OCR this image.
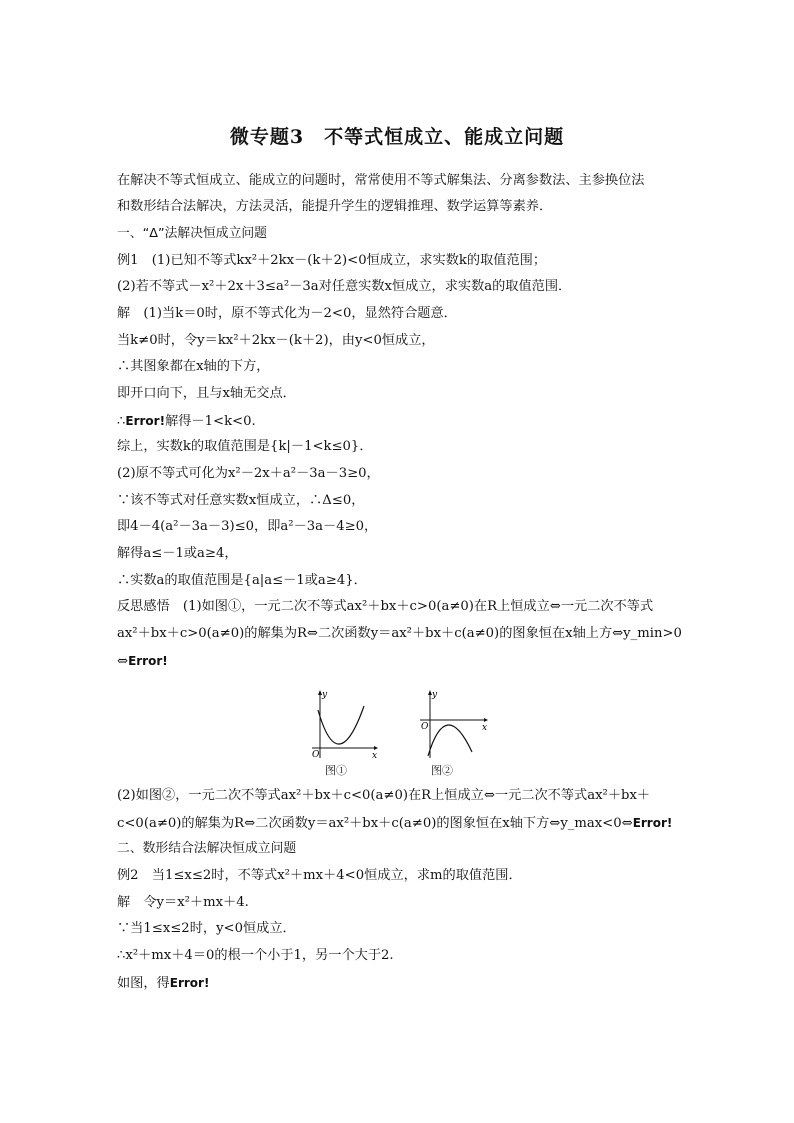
微专题3　不等式恒成立、能成立问题
在解决不等式恒成立、能成立的问题时，常常使用不等式解集法、分离参数法、主参换位法
和数形结合法解决，方法灵活，能提升学生的逻辑推理、数学运算等素养．
一、“Δ”法解决恒成立问题
例1　(1)已知不等式kx²＋2kx－(k＋2)<0恒成立，求实数k的取值范围；
(2)若不等式－x²＋2x＋3≤a²－3a对任意实数x恒成立，求实数a的取值范围．
解　(1)当k＝0时，原不等式化为－2<0，显然符合题意．
当k≠0时，令y＝kx²＋2kx－(k＋2)，由y<0恒成立，
∴其图象都在x轴的下方，
即开口向下，且与x轴无交点．
∴Error!解得－1<k<0.
综上，实数k的取值范围是{k|－1<k≤0}．
(2)原不等式可化为x²－2x＋a²－3a－3≥0，
∵该不等式对任意实数x恒成立，∴Δ≤0，
即4－4(a²－3a－3)≤0，即a²－3a－4≥0，
解得a≤－1或a≥4，
∴实数a的取值范围是{a|a≤－1或a≥4}．
反思感悟　(1)如图①，一元二次不等式ax²＋bx＋c>0(a≠0)在R上恒成立⇔一元二次不等式
ax²＋bx＋c>0(a≠0)的解集为R⇔二次函数y＝ax²＋bx＋c(a≠0)的图象恒在x轴上方⇔y_min>0
⇔Error!
y
x
O
图①
y
x
O
图②
(2)如图②，一元二次不等式ax²＋bx＋c<0(a≠0)在R上恒成立⇔一元二次不等式ax²＋bx＋
c<0(a≠0)的解集为R⇔二次函数y＝ax²＋bx＋c(a≠0)的图象恒在x轴下方⇔y_max<0⇔Error!
二、数形结合法解决恒成立问题
例2　当1≤x≤2时，不等式x²＋mx＋4<0恒成立，求m的取值范围．
解　令y＝x²＋mx＋4.
∵当1≤x≤2时，y<0恒成立．
∴x²＋mx＋4＝0的根一个小于1，另一个大于2.
如图，得Error!
